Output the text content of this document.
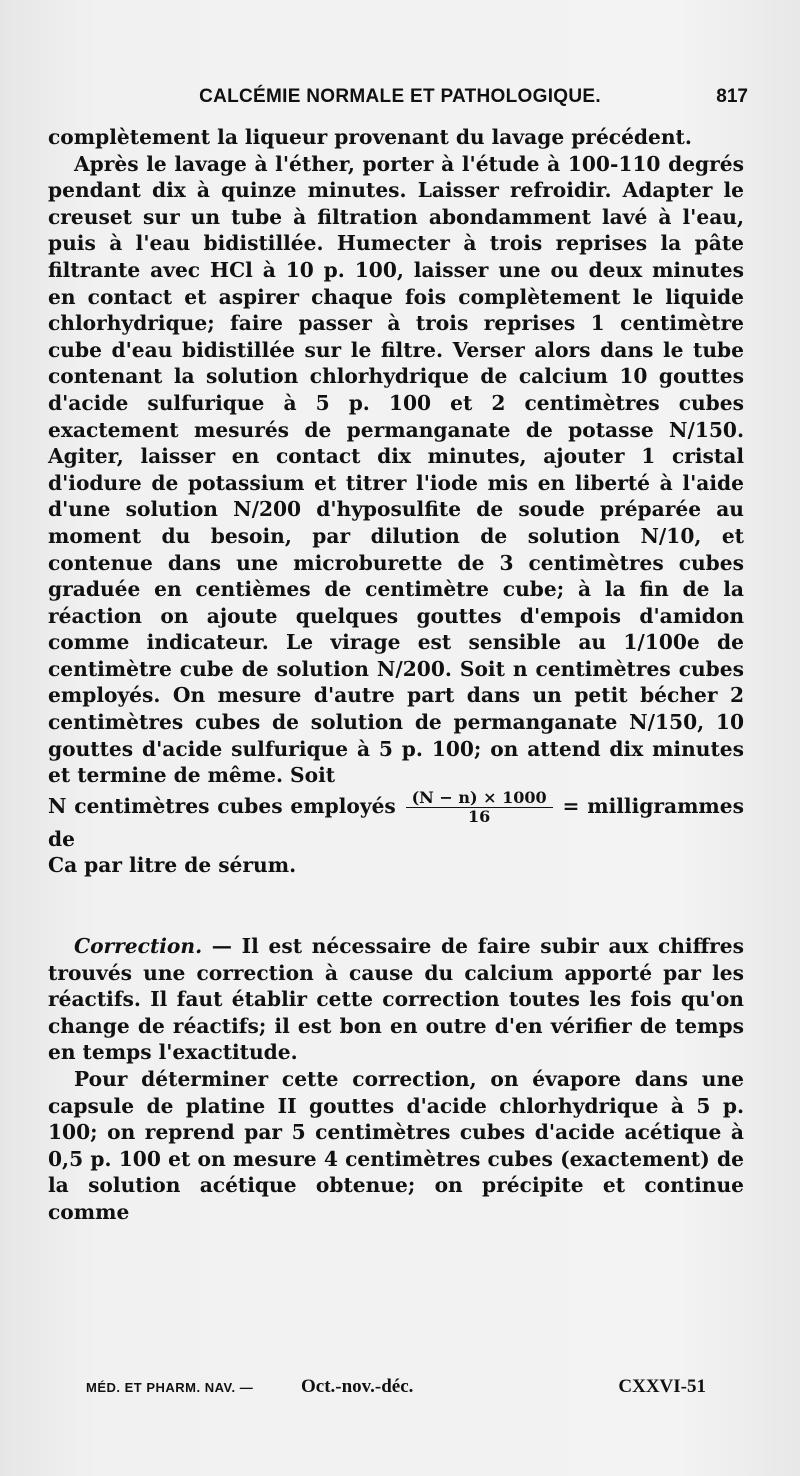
CALCÉMIE NORMALE ET PATHOLOGIQUE.	817

complètement la liqueur provenant du lavage précédent.

Après le lavage à l'éther, porter à l'étude à 100-110 degrés pendant dix à quinze minutes. Laisser refroidir. Adapter le creuset sur un tube à filtration abondamment lavé à l'eau, puis à l'eau bidistillée. Humecter à trois reprises la pâte filtrante avec HCl à 10 p. 100, laisser une ou deux minutes en contact et aspirer chaque fois complètement le liquide chlorhydrique; faire passer à trois reprises 1 centimètre cube d'eau bidistillée sur le filtre. Verser alors dans le tube contenant la solution chlorhydrique de calcium 10 gouttes d'acide sulfurique à 5 p. 100 et 2 centimètres cubes exactement mesurés de permanganate de potasse N/150. Agiter, laisser en contact dix minutes, ajouter 1 cristal d'iodure de potassium et titrer l'iode mis en liberté à l'aide d'une solution N/200 d'hyposulfite de soude préparée au moment du besoin, par dilution de solution N/10, et contenue dans une microburette de 3 centimètres cubes graduée en centièmes de centimètre cube; à la fin de la réaction on ajoute quelques gouttes d'empois d'amidon comme indicateur. Le virage est sensible au 1/100e de centimètre cube de solution N/200. Soit n centimètres cubes employés. On mesure d'autre part dans un petit bécher 2 centimètres cubes de solution de permanganate N/150, 10 gouttes d'acide sulfurique à 5 p. 100; on attend dix minutes et termine de même. Soit

N centimètres cubes employés $\frac{(N - n) \times 1000}{16}$ = milligrammes de

Ca par litre de sérum.

Correction. — Il est nécessaire de faire subir aux chiffres trouvés une correction à cause du calcium apporté par les réactifs. Il faut établir cette correction toutes les fois qu'on change de réactifs; il est bon en outre d'en vérifier de temps en temps l'exactitude.

Pour déterminer cette correction, on évapore dans une capsule de platine II gouttes d'acide chlorhydrique à 5 p. 100; on reprend par 5 centimètres cubes d'acide acétique à 0,5 p. 100 et on mesure 4 centimètres cubes (exactement) de la solution acétique obtenue; on précipite et continue comme

MÉD. ET PHARM. NAV. —	Oct.-nov.-déc.	CXXVI-51
